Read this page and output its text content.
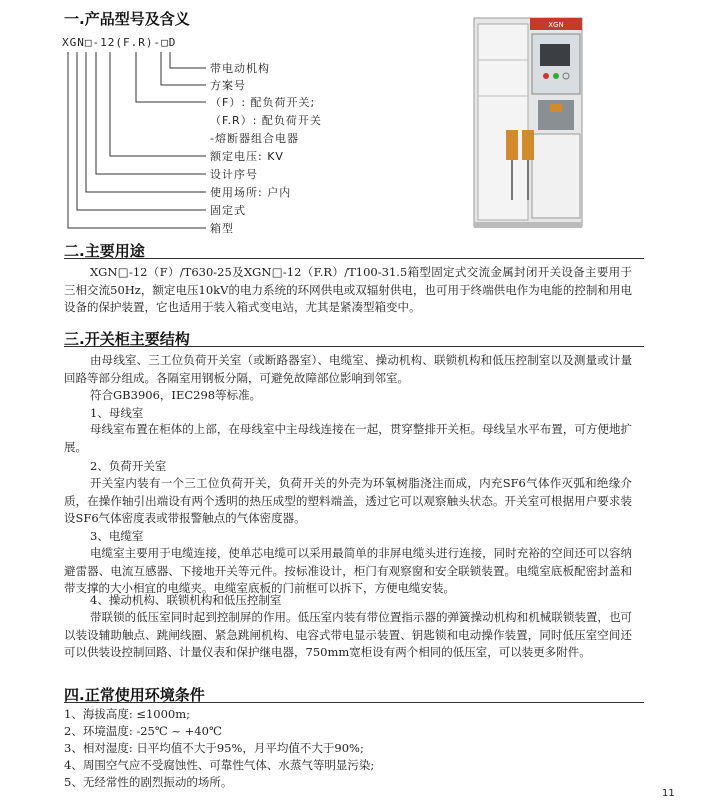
一.产品型号及含义
XGN□-12(F.R)-□D
带电动机构
方案号
（F）: 配负荷开关;
（F.R）: 配负荷开关
-熔断器组合电器
额定电压: KV
设计序号
使用场所: 户内
固定式
箱型
XGN
二.主要用途
XGN□-12（F）/T630-25及XGN□-12（F.R）/T100-31.5箱型固定式交流金属封闭开关设备主要用于三相交流50Hz，额定电压10kV的电力系统的环网供电或双辐射供电，也可用于终端供电作为电能的控制和用电设备的保护装置，它也适用于装入箱式变电站，尤其是紧凑型箱变中。
三.开关柜主要结构
由母线室、三工位负荷开关室（或断路器室）、电缆室、操动机构、联锁机构和低压控制室以及测量或计量回路等部分组成。各隔室用钢板分隔，可避免故障部位影响到邻室。
符合GB3906，IEC298等标准。
1、母线室
母线室布置在柜体的上部，在母线室中主母线连接在一起，贯穿整排开关柜。母线呈水平布置，可方便地扩展。
2、负荷开关室
开关室内装有一个三工位负荷开关，负荷开关的外壳为环氧树脂浇注而成，内充SF6气体作灭弧和绝缘介质，在操作轴引出端设有两个透明的热压成型的塑料端盖，透过它可以观察触头状态。开关室可根据用户要求装设SF6气体密度表或带报警触点的气体密度器。
3、电缆室
电缆室主要用于电缆连接，使单芯电缆可以采用最简单的非屏电缆头进行连接，同时充裕的空间还可以容纳避雷器、电流互感器、下接地开关等元件。按标准设计，柜门有观察窗和安全联锁装置。电缆室底板配密封盖和带支撑的大小相宜的电缆夹。电缆室底板的门前框可以拆下，方便电缆安装。
4、操动机构、联锁机构和低压控制室
带联锁的低压室同时起到控制屏的作用。低压室内装有带位置指示器的弹簧操动机构和机械联锁装置，也可以装设辅助触点、跳闸线圈、紧急跳闸机构、电容式带电显示装置、钥匙锁和电动操作装置，同时低压室空间还可以供装设控制回路、计量仪表和保护继电器，750mm宽柜设有两个相同的低压室，可以装更多附件。
四.正常使用环境条件
1、海拔高度: ≤1000m;
2、环境温度: -25℃ ~ +40℃
3、相对湿度: 日平均值不大于95%，月平均值不大于90%;
4、周围空气应不受腐蚀性、可靠性气体、水蒸气等明显污染;
5、无经常性的剧烈振动的场所。
11
